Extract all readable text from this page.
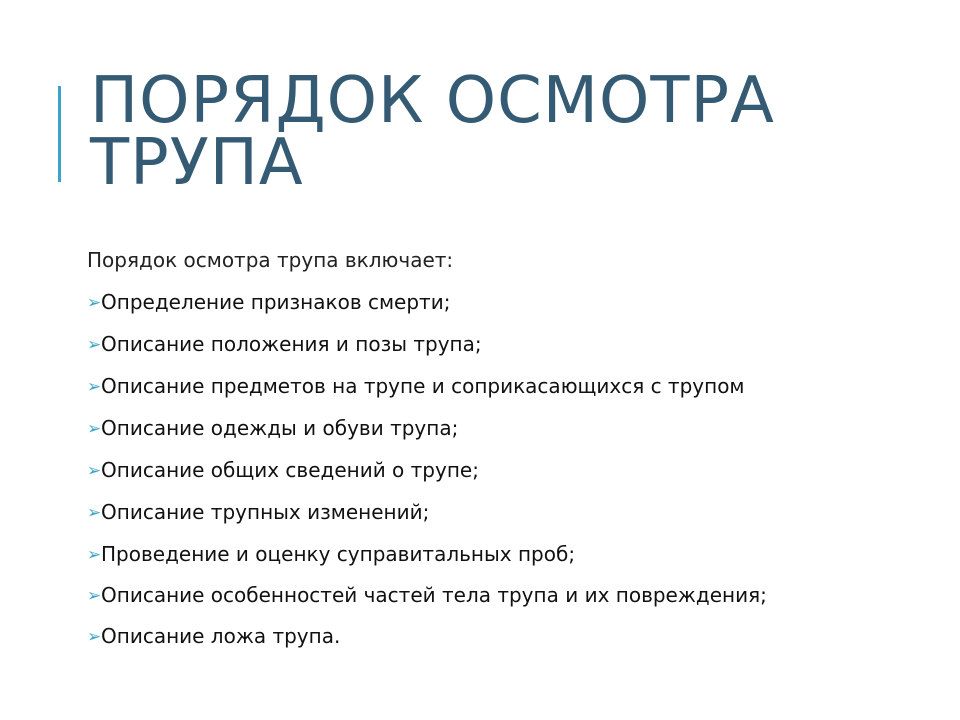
ПОРЯДОК ОСМОТРА ТРУПА

Порядок осмотра трупа включает:

➢ Определение признаков смерти;
➢ Описание положения и позы трупа;
➢ Описание предметов на трупе и соприкасающихся с трупом
➢ Описание одежды и обуви трупа;
➢ Описание общих сведений о трупе;
➢ Описание трупных изменений;
➢ Проведение и оценку суправитальных проб;
➢ Описание особенностей частей тела трупа и их повреждения;
➢ Описание ложа трупа.
